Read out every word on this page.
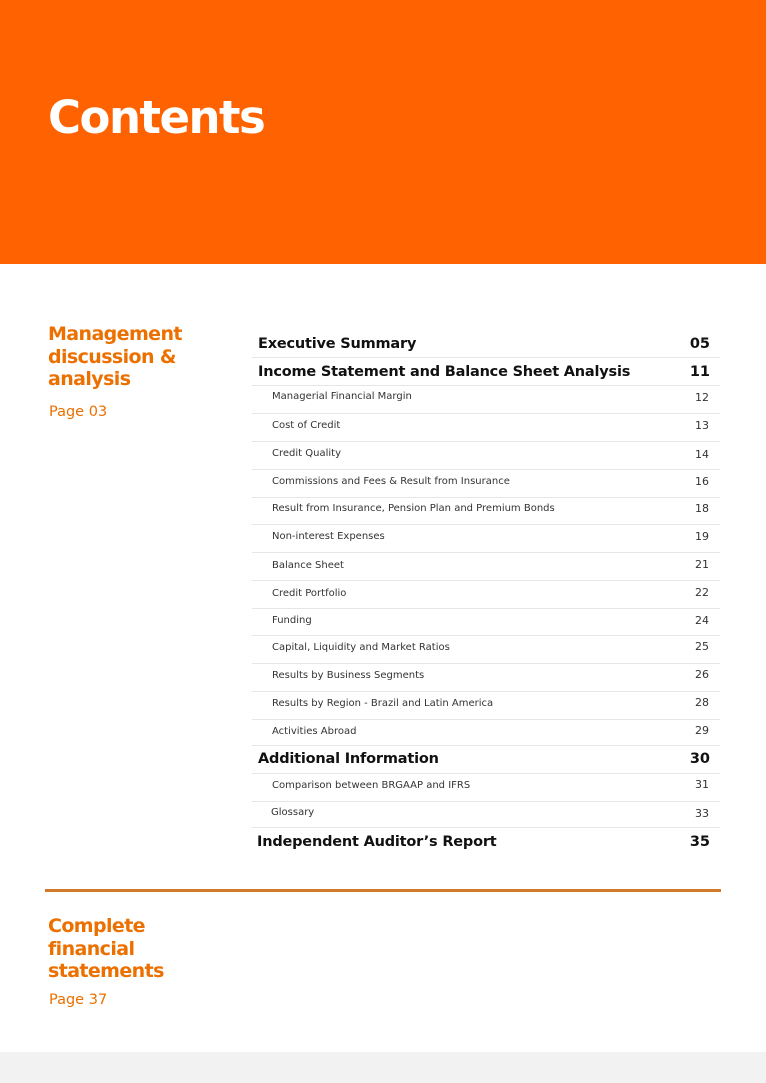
Contents
Management discussion & analysis
Page 03
Executive Summary	05
Income Statement and Balance Sheet Analysis	11
Managerial Financial Margin	12
Cost of Credit	13
Credit Quality	14
Commissions and Fees & Result from Insurance	16
Result from Insurance, Pension Plan and Premium Bonds	18
Non-interest Expenses	19
Balance Sheet	21
Credit Portfolio	22
Funding	24
Capital, Liquidity and Market Ratios	25
Results by Business Segments	26
Results by Region - Brazil and Latin America	28
Activities Abroad	29
Additional Information	30
Comparison between BRGAAP and IFRS	31
Glossary	33
Independent Auditor’s Report	35
Complete financial statements
Page 37
